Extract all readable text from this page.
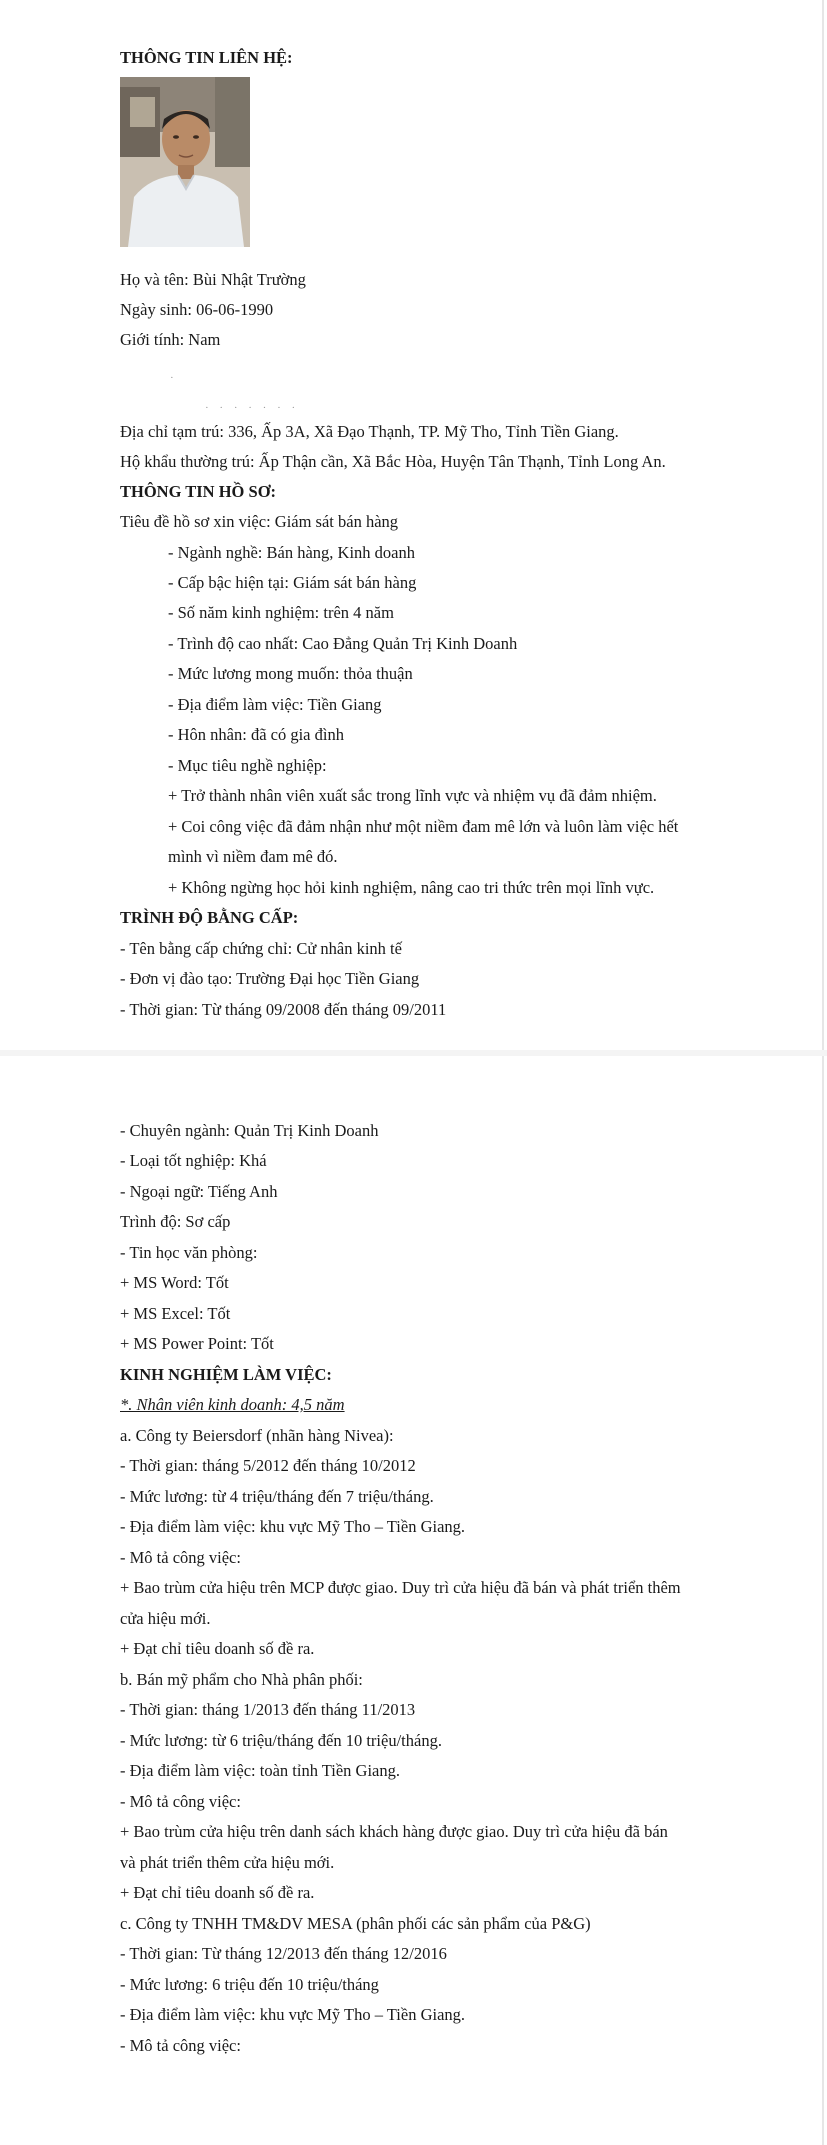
THÔNG TIN LIÊN HỆ:
Họ và tên: Bùi Nhật Trường
Ngày sinh: 06-06-1990
Giới tính: Nam
·
· · · · · · ·
Địa chỉ tạm trú: 336, Ấp 3A, Xã Đạo Thạnh, TP. Mỹ Tho, Tỉnh Tiền Giang.
Hộ khẩu thường trú: Ấp Thận cần, Xã Bắc Hòa, Huyện Tân Thạnh, Tỉnh Long An.
THÔNG TIN HỒ SƠ:
Tiêu đề hồ sơ xin việc: Giám sát bán hàng
- Ngành nghề: Bán hàng, Kinh doanh
- Cấp bậc hiện tại: Giám sát bán hàng
- Số năm kinh nghiệm: trên 4 năm
- Trình độ cao nhất: Cao Đẳng Quản Trị Kinh Doanh
- Mức lương mong muốn: thỏa thuận
- Địa điểm làm việc: Tiền Giang
- Hôn nhân: đã có gia đình
- Mục tiêu nghề nghiệp:
+ Trở thành nhân viên xuất sắc trong lĩnh vực và nhiệm vụ đã đảm nhiệm.
+ Coi công việc đã đảm nhận như một niềm đam mê lớn và luôn làm việc hết
mình vì niềm đam mê đó.
+ Không ngừng học hỏi kinh nghiệm, nâng cao tri thức trên mọi lĩnh vực.
TRÌNH ĐỘ BẰNG CẤP:
- Tên bằng cấp chứng chỉ: Cử nhân kinh tế
- Đơn vị đào tạo: Trường Đại học Tiền Giang
- Thời gian: Từ tháng 09/2008 đến tháng 09/2011
- Chuyên ngành: Quản Trị Kinh Doanh
- Loại tốt nghiệp: Khá
- Ngoại ngữ: Tiếng Anh
Trình độ: Sơ cấp
- Tin học văn phòng:
+ MS Word: Tốt
+ MS Excel: Tốt
+ MS Power Point: Tốt
KINH NGHIỆM LÀM VIỆC:
*. Nhân viên kinh doanh: 4,5 năm
a. Công ty Beiersdorf (nhãn hàng Nivea):
- Thời gian: tháng 5/2012 đến tháng 10/2012
- Mức lương: từ 4 triệu/tháng đến 7 triệu/tháng.
- Địa điểm làm việc: khu vực Mỹ Tho – Tiền Giang.
- Mô tả công việc:
+ Bao trùm cửa hiệu trên MCP được giao. Duy trì cửa hiệu đã bán và phát triển thêm
cửa hiệu mới.
+ Đạt chỉ tiêu doanh số đề ra.
b. Bán mỹ phẩm cho Nhà phân phối:
- Thời gian: tháng 1/2013 đến tháng 11/2013
- Mức lương: từ 6 triệu/tháng đến 10 triệu/tháng.
- Địa điểm làm việc: toàn tỉnh Tiền Giang.
- Mô tả công việc:
+ Bao trùm cửa hiệu trên danh sách khách hàng được giao. Duy trì cửa hiệu đã bán
và phát triển thêm cửa hiệu mới.
+ Đạt chỉ tiêu doanh số đề ra.
c. Công ty TNHH TM&DV MESA (phân phối các sản phẩm của P&G)
- Thời gian: Từ tháng 12/2013 đến tháng 12/2016
- Mức lương: 6 triệu đến 10 triệu/tháng
- Địa điểm làm việc: khu vực Mỹ Tho – Tiền Giang.
- Mô tả công việc:
